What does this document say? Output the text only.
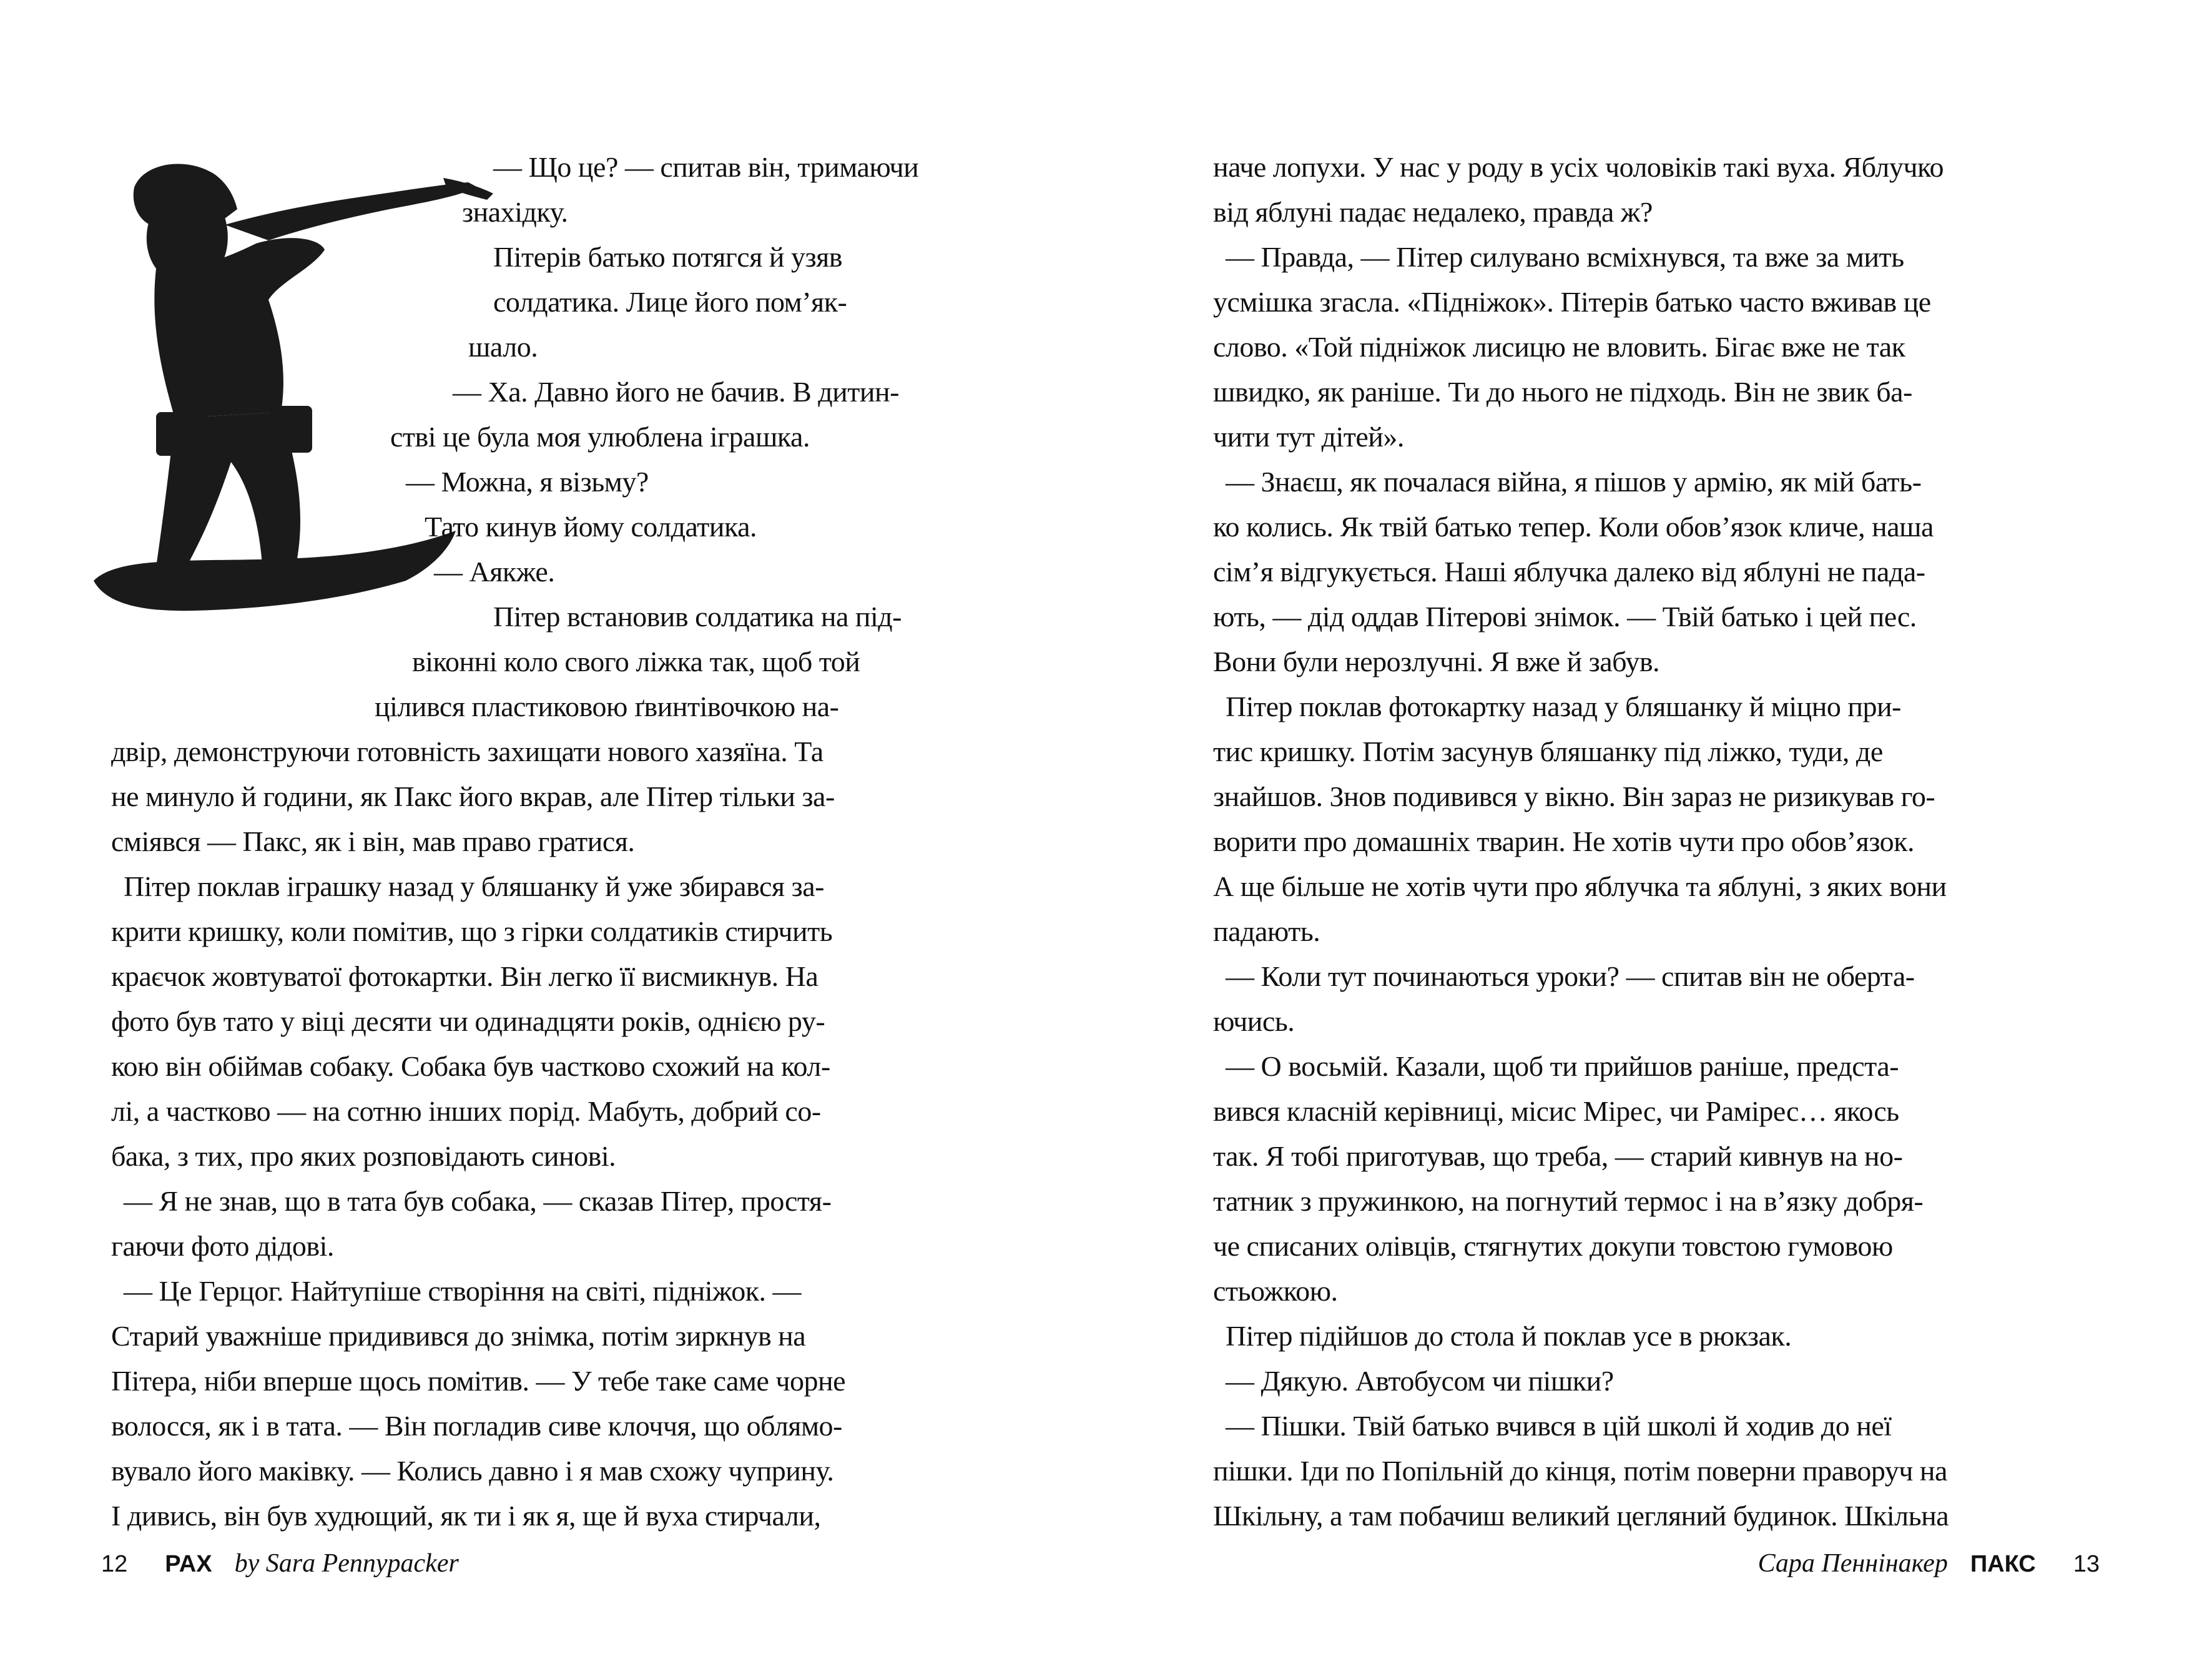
— Що це? — спитав він, тримаючи
знахідку.
Пітерів батько потягся й узяв
солдатика. Лице його пом’як-
шало.
— Ха. Давно його не бачив. В дитин-
стві це була моя улюблена іграшка.
— Можна, я візьму?
Тато кинув йому солдатика.
— Аякже.
Пітер встановив солдатика на під-
віконні коло свого ліжка так, щоб той
цілився пластиковою ґвинтівочкою на-
двір, демонструючи готовність захищати нового хазяїна. Та
не минуло й години, як Пакс його вкрав, але Пітер тільки за-
сміявся — Пакс, як і він, мав право гратися.
Пітер поклав іграшку назад у бляшанку й уже збирався за-
крити кришку, коли помітив, що з гірки солдатиків стирчить
краєчок жовтуватої фотокартки. Він легко її висмикнув. На
фото був тато у віці десяти чи одинадцяти років, однією ру-
кою він обіймав собаку. Собака був частково схожий на кол-
лі, а частково — на сотню інших порід. Мабуть, добрий со-
бака, з тих, про яких розповідають синові.
— Я не знав, що в тата був собака, — сказав Пітер, простя-
гаючи фото дідові.
— Це Герцог. Найтупіше створіння на світі, підніжок. —
Старий уважніше придивився до знімка, потім зиркнув на
Пітера, ніби вперше щось помітив. — У тебе таке саме чорне
волосся, як і в тата. — Він погладив сиве клоччя, що облямо-
вувало його маківку. — Колись давно і я мав схожу чуприну.
І дивись, він був худющий, як ти і як я, ще й вуха стирчали,
12 PAX by Sara Pennypacker
наче лопухи. У нас у роду в усіх чоловіків такі вуха. Яблучко
від яблуні падає недалеко, правда ж?
— Правда, — Пітер силувано всміхнувся, та вже за мить
усмішка згасла. «Підніжок». Пітерів батько часто вживав це
слово. «Той підніжок лисицю не вловить. Бігає вже не так
швидко, як раніше. Ти до нього не підходь. Він не звик ба-
чити тут дітей».
— Знаєш, як почалася війна, я пішов у армію, як мій бать-
ко колись. Як твій батько тепер. Коли обов’язок кличе, наша
сім’я відгукується. Наші яблучка далеко від яблуні не пада-
ють, — дід оддав Пітерові знімок. — Твій батько і цей пес.
Вони були нерозлучні. Я вже й забув.
Пітер поклав фотокартку назад у бляшанку й міцно при-
тис кришку. Потім засунув бляшанку під ліжко, туди, де
знайшов. Знов подивився у вікно. Він зараз не ризикував го-
ворити про домашніх тварин. Не хотів чути про обов’язок.
А ще більше не хотів чути про яблучка та яблуні, з яких вони
падають.
— Коли тут починаються уроки? — спитав він не оберта-
ючись.
— О восьмій. Казали, щоб ти прийшов раніше, предста-
вився класній керівниці, місис Мірес, чи Рамірес… якось
так. Я тобі приготував, що треба, — старий кивнув на но-
татник з пружинкою, на погнутий термос і на в’язку добря-
че списаних олівців, стягнутих докупи товстою гумовою
стьожкою.
Пітер підійшов до стола й поклав усе в рюкзак.
— Дякую. Автобусом чи пішки?
— Пішки. Твій батько вчився в цій школі й ходив до неї
пішки. Іди по Попільній до кінця, потім поверни праворуч на
Шкільну, а там побачиш великий цегляний будинок. Шкільна
Сара Пеннінакер ПАКС 13
